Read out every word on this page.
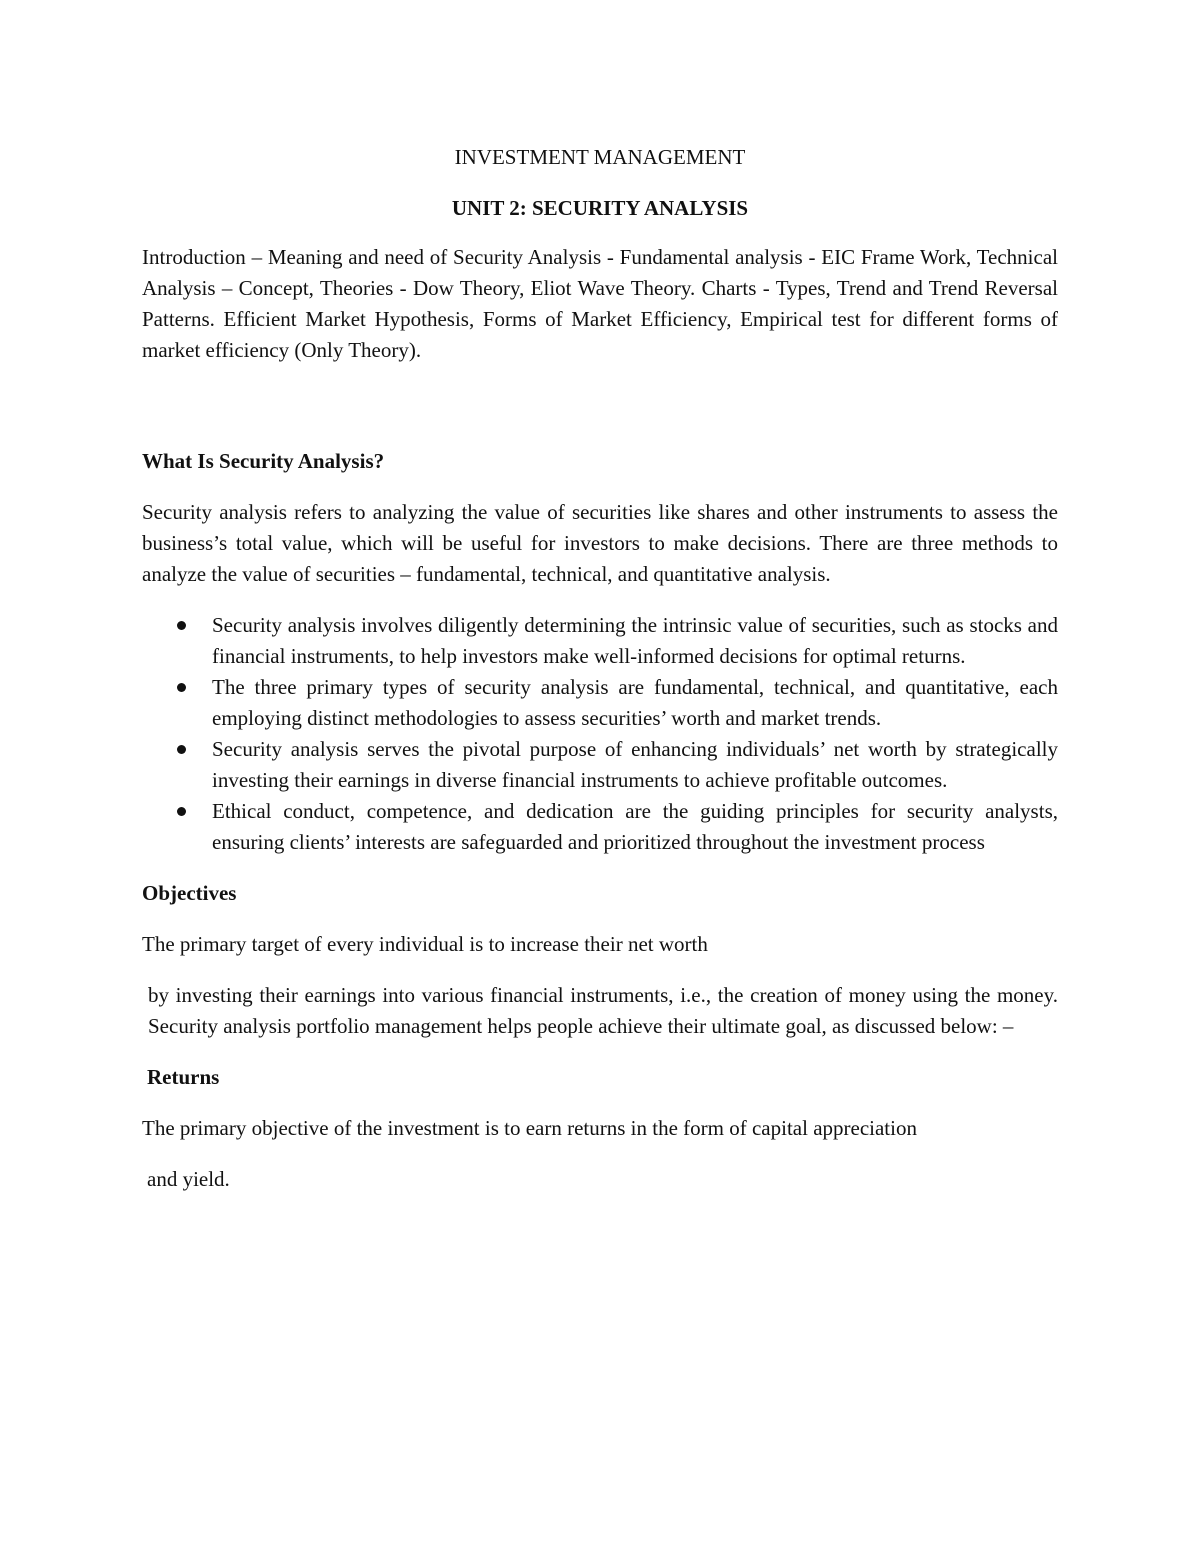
INVESTMENT MANAGEMENT

UNIT 2: SECURITY ANALYSIS

Introduction – Meaning and need of Security Analysis - Fundamental analysis - EIC Frame Work, Technical Analysis – Concept, Theories - Dow Theory, Eliot Wave Theory. Charts - Types, Trend and Trend Reversal Patterns. Efficient Market Hypothesis, Forms of Market Efficiency, Empirical test for different forms of market efficiency (Only Theory).

What Is Security Analysis?

Security analysis refers to analyzing the value of securities like shares and other instruments to assess the business’s total value, which will be useful for investors to make decisions. There are three methods to analyze the value of securities – fundamental, technical, and quantitative analysis.

Security analysis involves diligently determining the intrinsic value of securities, such as stocks and financial instruments, to help investors make well-informed decisions for optimal returns.
The three primary types of security analysis are fundamental, technical, and quantitative, each employing distinct methodologies to assess securities’ worth and market trends.
Security analysis serves the pivotal purpose of enhancing individuals’ net worth by strategically investing their earnings in diverse financial instruments to achieve profitable outcomes.
Ethical conduct, competence, and dedication are the guiding principles for security analysts, ensuring clients’ interests are safeguarded and prioritized throughout the investment process

Objectives

The primary target of every individual is to increase their net worth

by investing their earnings into various financial instruments, i.e., the creation of money using the money. Security analysis portfolio management helps people achieve their ultimate goal, as discussed below: –

Returns

The primary objective of the investment is to earn returns in the form of capital appreciation

and yield.
